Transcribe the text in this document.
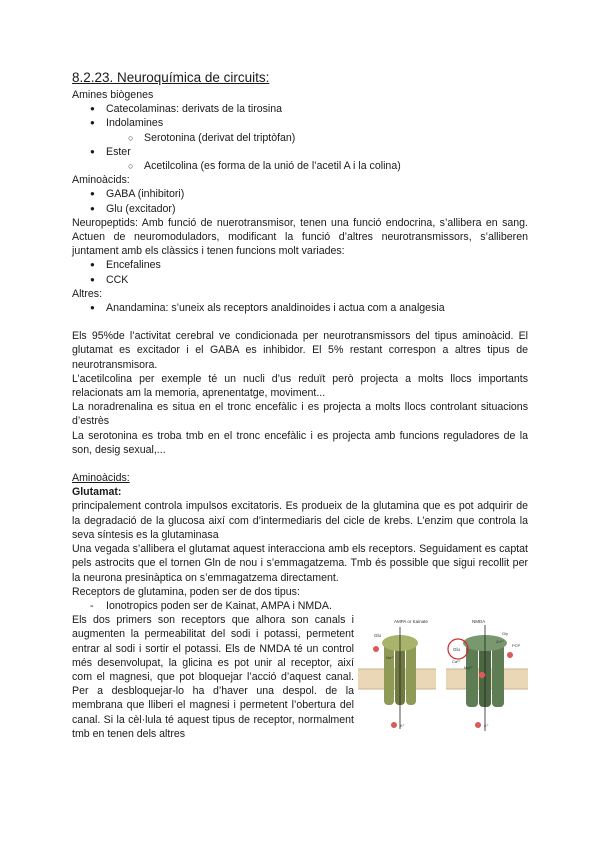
8.2.23. Neuroquímica de circuits:
Amines biògenes
● Catecolaminas: derivats de la tirosina
● Indolamines
○ Serotonina (derivat del triptòfan)
● Ester
○ Acetilcolina (es forma de la unió de l’acetil A i la colina)
Aminoàcids:
● GABA (inhibitori)
● Glu (excitador)

Neuropeptids: Amb funció de nuerotransmisor, tenen una funció endocrina, s’allibera en sang. Actuen de neuromoduladors, modificant la funció d’altres neurotransmissors, s’alliberen juntament amb els clàssics i tenen funcions molt variades:

● Encefalines
● CCK
Altres:
● Anandamina: s’uneix als receptors analdinoides i actua com a analgesia

Els 95%de l’activitat cerebral ve condicionada per neurotransmissors del tipus aminoàcid. El glutamat es excitador i el GABA es inhibidor. El 5% restant correspon a altres tipus de neurotransmisora.

L’acetilcolina per exemple té un nucli d’us reduït però projecta a molts llocs importants relacionats am la memoria, aprenentatge, moviment...

La noradrenalina es situa en el tronc encefàlic i es projecta a molts llocs controlant situacions d’estrès

La serotonina es troba tmb en el tronc encefàlic i es projecta amb funcions reguladores de la son, desig sexual,...

Aminoàcids:
Glutamat:

principalement controla impulsos excitatoris. Es produeix de la glutamina que es pot adquirir de la degradació de la glucosa així com d’intermediaris del cicle de krebs. L’enzim que controla la seva síntesis es la glutaminasa

Una vegada s’allibera el glutamat aquest interacciona amb els receptors. Seguidament es captat pels astrocits que el tornen Gln de nou i s’emmagatzema. Tmb és possible que sigui recollit per la neurona presinàptica on s’emmagatzema directament.

Receptors de glutamina, poden ser de dos tipus:
- Ionotropics poden ser de Kainat, AMPA i NMDA.

Els dos primers son receptors que alhora son canals i augmenten la permeabilitat del sodi i potassi, permetent entrar al sodi i sortir el potassi. Els de NMDA té un control més desenvolupat, la glicina es pot unir al receptor, així com el magnesi, que pot bloquejar l’acció d’aquest canal. Per a desbloquejar-lo ha d’haver una despol. de la membrana que lliberi el magnesi i permetent l’obertura del canal. Si la cèl·lula té aquest tipus de receptor, normalment tmb en tenen dels altres

AMPA or Kainate	NMDA
Glu
Na⁺
K⁺
Glu
Gly
Zn²⁺
PCP
Mg²⁺
Ca²⁺
K⁺
